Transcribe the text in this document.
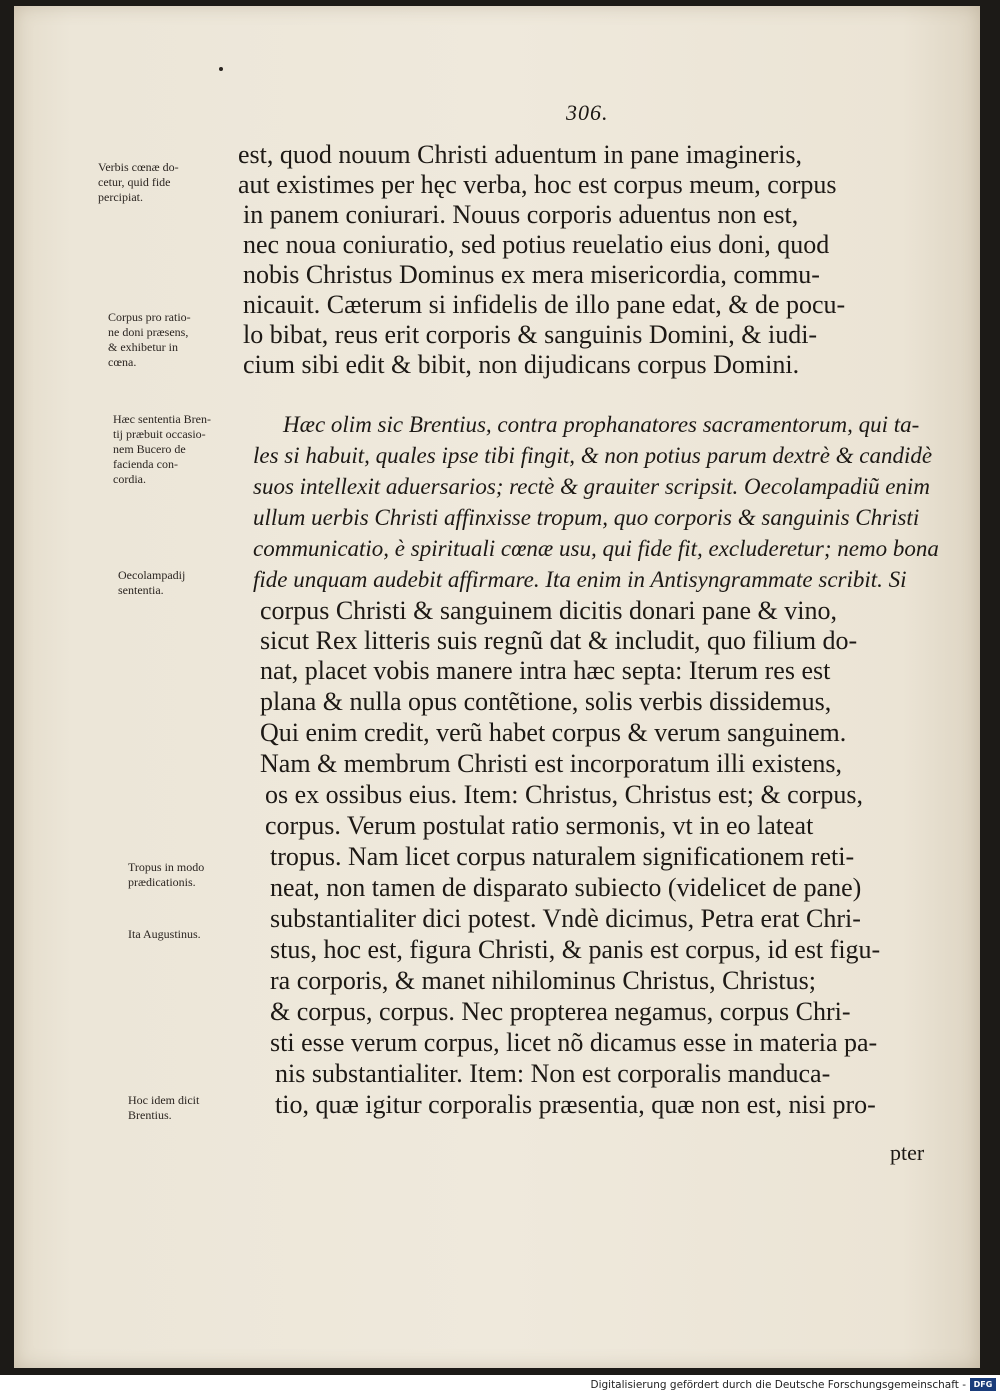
306.
est, quod nouum Christi aduentum in pane imagineris,
aut existimes per hęc verba, hoc est corpus meum, corpus
in panem coniurari. Nouus corporis aduentus non est,
nec noua coniuratio, sed potius reuelatio eius doni, quod
nobis Christus Dominus ex mera misericordia, commu-
nicauit. Cæterum si infidelis de illo pane edat, & de pocu-
lo bibat, reus erit corporis & sanguinis Domini, & iudi-
cium sibi edit & bibit, non dijudicans corpus Domini.
Hæc olim sic Brentius, contra prophanatores sacramentorum, qui ta-
les si habuit, quales ipse tibi fingit, & non potius parum dextrè & candidè
suos intellexit aduersarios; rectè & grauiter scripsit. Oecolampadiũ enim
ullum uerbis Christi affinxisse tropum, quo corporis & sanguinis Christi
communicatio, è spirituali cœnæ usu, qui fide fit, excluderetur; nemo bona
fide unquam audebit affirmare. Ita enim in Antisyngrammate scribit. Si
corpus Christi & sanguinem dicitis donari pane & vino,
sicut Rex litteris suis regnũ dat & includit, quo filium do-
nat, placet vobis manere intra hæc septa: Iterum res est
plana & nulla opus contẽtione, solis verbis dissidemus,
Qui enim credit, verũ habet corpus & verum sanguinem.
Nam & membrum Christi est incorporatum illi existens,
os ex ossibus eius. Item: Christus, Christus est; & corpus,
corpus. Verum postulat ratio sermonis, vt in eo lateat
tropus. Nam licet corpus naturalem significationem reti-
neat, non tamen de disparato subiecto (videlicet de pane)
substantialiter dici potest. Vndè dicimus, Petra erat Chri-
stus, hoc est, figura Christi, & panis est corpus, id est figu-
ra corporis, & manet nihilominus Christus, Christus;
& corpus, corpus. Nec propterea negamus, corpus Chri-
sti esse verum corpus, licet nõ dicamus esse in materia pa-
nis substantialiter. Item: Non est corporalis manduca-
tio, quæ igitur corporalis præsentia, quæ non est, nisi pro-
Verbis cœnæ do-
cetur, quid fide
percipiat.
Corpus pro ratio-
ne doni præsens,
& exhibetur in
cœna.
Hæc sententia Bren-
tij præbuit occasio-
nem Bucero de
facienda con-
cordia.
Oecolampadij
sententia.
Tropus in modo
prædicationis.
Ita Augustinus.
Hoc idem dicit
Brentius.
pter
Digitalisierung gefördert durch die Deutsche Forschungsgemeinschaft - DFG
